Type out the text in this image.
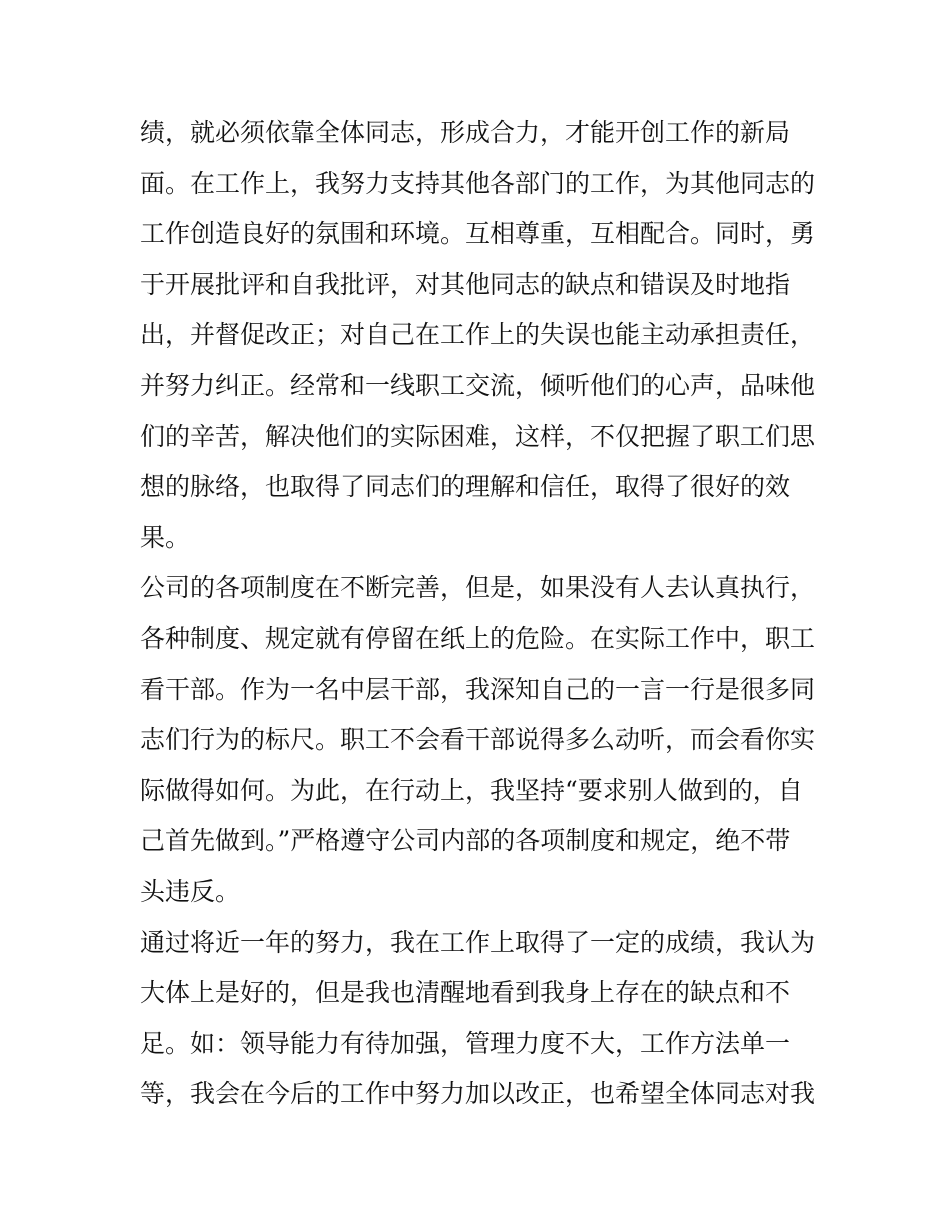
绩，就必须依靠全体同志，形成合力，才能开创工作的新局
面。在工作上，我努力支持其他各部门的工作，为其他同志的
工作创造良好的氛围和环境。互相尊重，互相配合。同时，勇
于开展批评和自我批评，对其他同志的缺点和错误及时地指
出，并督促改正；对自己在工作上的失误也能主动承担责任，
并努力纠正。经常和一线职工交流，倾听他们的心声，品味他
们的辛苦，解决他们的实际困难，这样，不仅把握了职工们思
想的脉络，也取得了同志们的理解和信任，取得了很好的效
果。
公司的各项制度在不断完善，但是，如果没有人去认真执行，
各种制度、规定就有停留在纸上的危险。在实际工作中，职工
看干部。作为一名中层干部，我深知自己的一言一行是很多同
志们行为的标尺。职工不会看干部说得多么动听，而会看你实
际做得如何。为此，在行动上，我坚持“要求别人做到的，自
己首先做到。”严格遵守公司内部的各项制度和规定，绝不带
头违反。
通过将近一年的努力，我在工作上取得了一定的成绩，我认为
大体上是好的，但是我也清醒地看到我身上存在的缺点和不
足。如：领导能力有待加强，管理力度不大，工作方法单一
等，我会在今后的工作中努力加以改正，也希望全体同志对我
